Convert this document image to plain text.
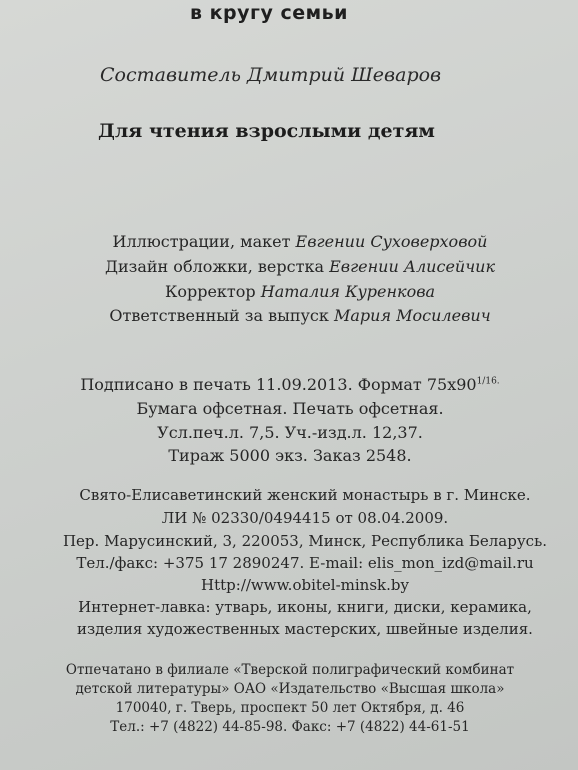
в кругу семьи
Составитель Дмитрий Шеваров
Для чтения взрослыми детям
Иллюстрации, макет Евгении Суховерховой
Дизайн обложки, верстка Евгении Алисейчик
Корректор Наталия Куренкова
Ответственный за выпуск Мария Мосилевич
Подписано в печать 11.09.2013. Формат $75х90^{1/16.}$
Бумага офсетная. Печать офсетная.
Усл.печ.л. 7,5. Уч.-изд.л. 12,37.
Тираж 5000 экз. Заказ 2548.
Свято-Елисаветинский женский монастырь в г. Минске.
ЛИ № 02330/0494415 от 08.04.2009.
Пер. Марусинский, 3, 220053, Минск, Республика Беларусь.
Тел./факс: +375 17 2890247. E-mail: elis_mon_izd@mail.ru
Http://www.obitel-minsk.by
Интернет-лавка: утварь, иконы, книги, диски, керамика,
изделия художественных мастерских, швейные изделия.
Отпечатано в филиале «Тверской полиграфический комбинат
детской литературы» ОАО «Издательство «Высшая школа»
170040, г. Тверь, проспект 50 лет Октября, д. 46
Тел.: +7 (4822) 44-85-98. Факс: +7 (4822) 44-61-51
